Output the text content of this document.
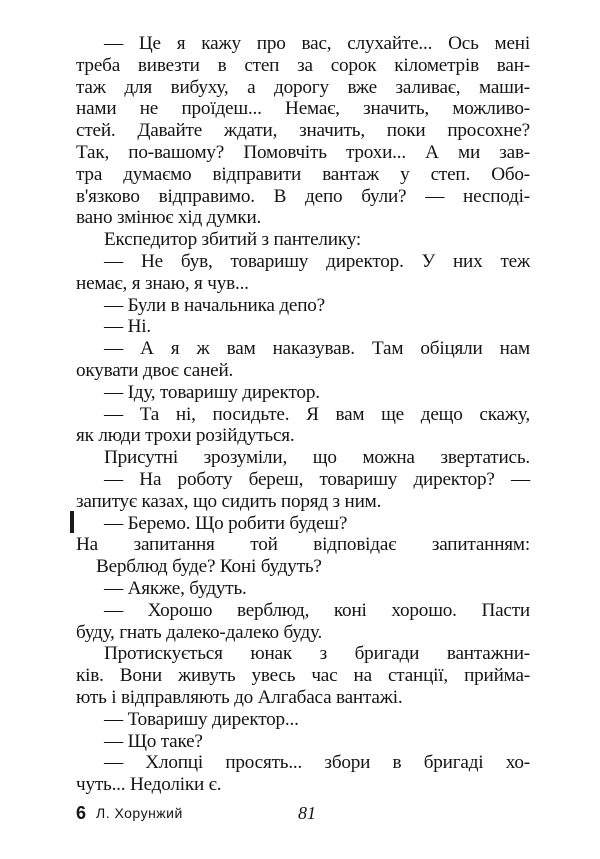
— Це я кажу про вас, слухайте... Ось мені
треба вивезти в степ за сорок кілометрів ван-
таж для вибуху, а дорогу вже заливає, маши-
нами не проїдеш... Немає, значить, можливо-
стей. Давайте ждати, значить, поки просохне?
Так, по-вашому? Помовчіть трохи... А ми зав-
тра думаємо відправити вантаж у степ. Обо-
в'язково відправимо. В депо були? — несподі-
вано змінює хід думки.
Експедитор збитий з пантелику:
— Не був, товаришу директор. У них теж
немає, я знаю, я чув...
— Були в начальника депо?
— Ні.
— А я ж вам наказував. Там обіцяли нам
окувати двоє саней.
— Іду, товаришу директор.
— Та ні, посидьте. Я вам ще дещо скажу,
як люди трохи розійдуться.
Присутні зрозуміли, що можна звертатись.
— На роботу береш, товаришу директор? —
запитує казах, що сидить поряд з ним.
— Беремо. Що робити будеш?
На запитання той відповідає запитанням:
Верблюд буде? Коні будуть?
— Аякже, будуть.
— Хорошо верблюд, коні хорошо. Пасти
буду, гнать далеко-далеко буду.
Протискується юнак з бригади вантажни-
ків. Вони живуть увесь час на станції, прийма-
ють і відправляють до Алгабаса вантажі.
— Товаришу директор...
— Що таке?
— Хлопці просять... збори в бригаді хо-
чуть... Недоліки є.
6 Л. Хорунжий	81
